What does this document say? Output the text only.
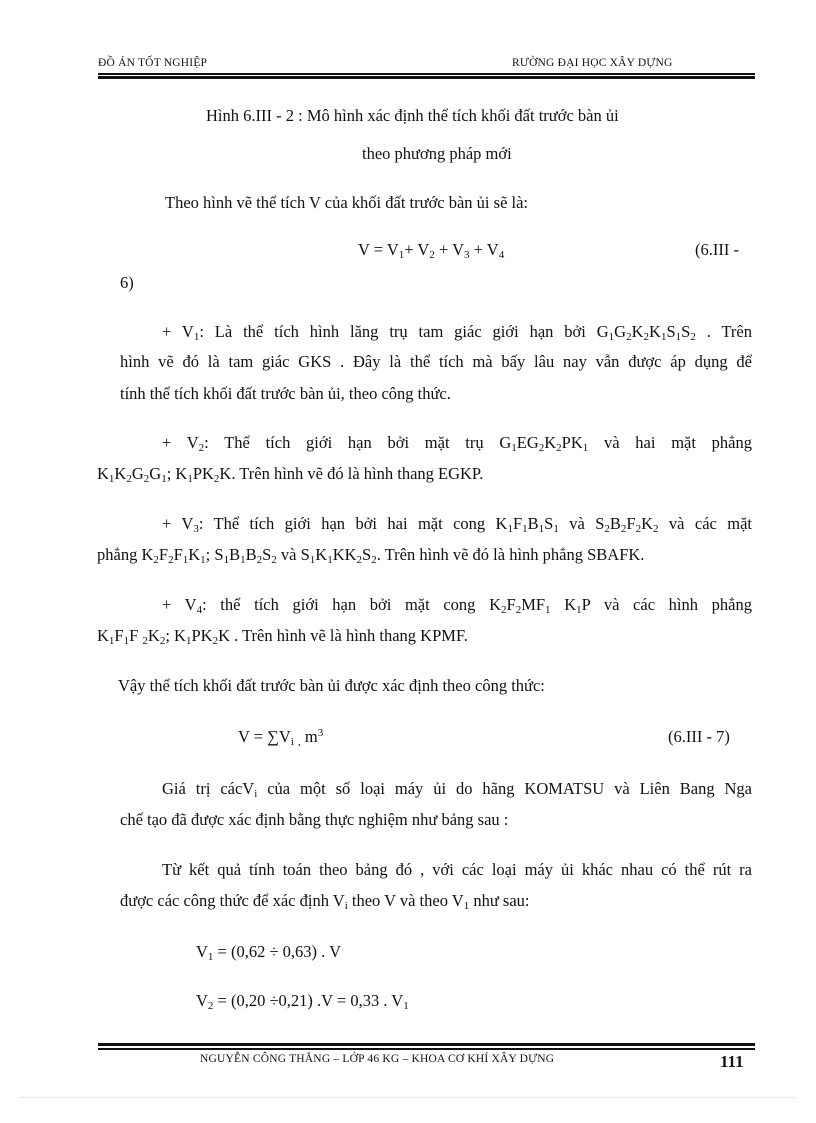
ĐỒ ÁN TỐT NGHIỆP	RƯỜNG ĐẠI HỌC XÂY DỰNG
Hình 6.III - 2 : Mô hình xác định thể tích khối đất trước bàn ủi
theo phương pháp mới
Theo hình vẽ thể tích V của khối đất trước bàn ủi sẽ là:
$V = V_1+ V_2 + V_3 + V_4$	(6.III -
6)
+ $V_1$: Là thể tích hình lăng trụ tam giác giới hạn bởi $G_1G_2K_2K_1S_1S_2$ . Trên
hình vẽ đó là tam giác GKS . Đây là thể tích mà bấy lâu nay vẫn được áp dụng để
tính thể tích khối đất trước bàn ủi, theo công thức.
+ $V_2$: Thể tích giới hạn bởi mặt trụ $G_1EG_2K_2PK_1$ và hai mặt phẳng
$K_1K_2G_2G_1$; $K_1PK_2K$. Trên hình vẽ đó là hình thang EGKP.
+ $V_3$: Thể tích giới hạn bởi hai mặt cong $K_1F_1B_1S_1$ và $S_2B_2F_2K_2$ và các mặt
phẳng $K_2F_2F_1K_1$; $S_1B_1B_2S_2$ và $S_1K_1KK_2S_2$. Trên hình vẽ đó là hình phẳng SBAFK.
+ $V_4$: thể tích giới hạn bởi mặt cong $K_2F_2MF_1$ $K_1P$ và các hình phẳng
$K_1F_1F$ $_2K_2$; $K_1PK_2K$ . Trên hình vẽ là hình thang KPMF.
Vậy thể tích khối đất trước bàn ủi được xác định theo công thức:
$V = \sum V_i$ $_,$ $m^3$	(6.III - 7)
Giá trị cácV$_i$ của một số loại máy ủi do hãng KOMATSU và Liên Bang Nga
chế tạo đã được xác định bằng thực nghiệm như bảng sau :
Từ kết quả tính toán theo bảng đó , với các loại máy ủi khác nhau có thể rút ra
được các công thức để xác định $V_i$ theo V và theo $V_1$ như sau:
$V_1 = (0,62 \div 0,63)$ . V
$V_2 = (0,20 \div 0,21) .V = 0,33$ . $V_1$
NGUYỄN CÔNG THẮNG – LỚP 46 KG – KHOA CƠ KHÍ XÂY DỰNG	111
